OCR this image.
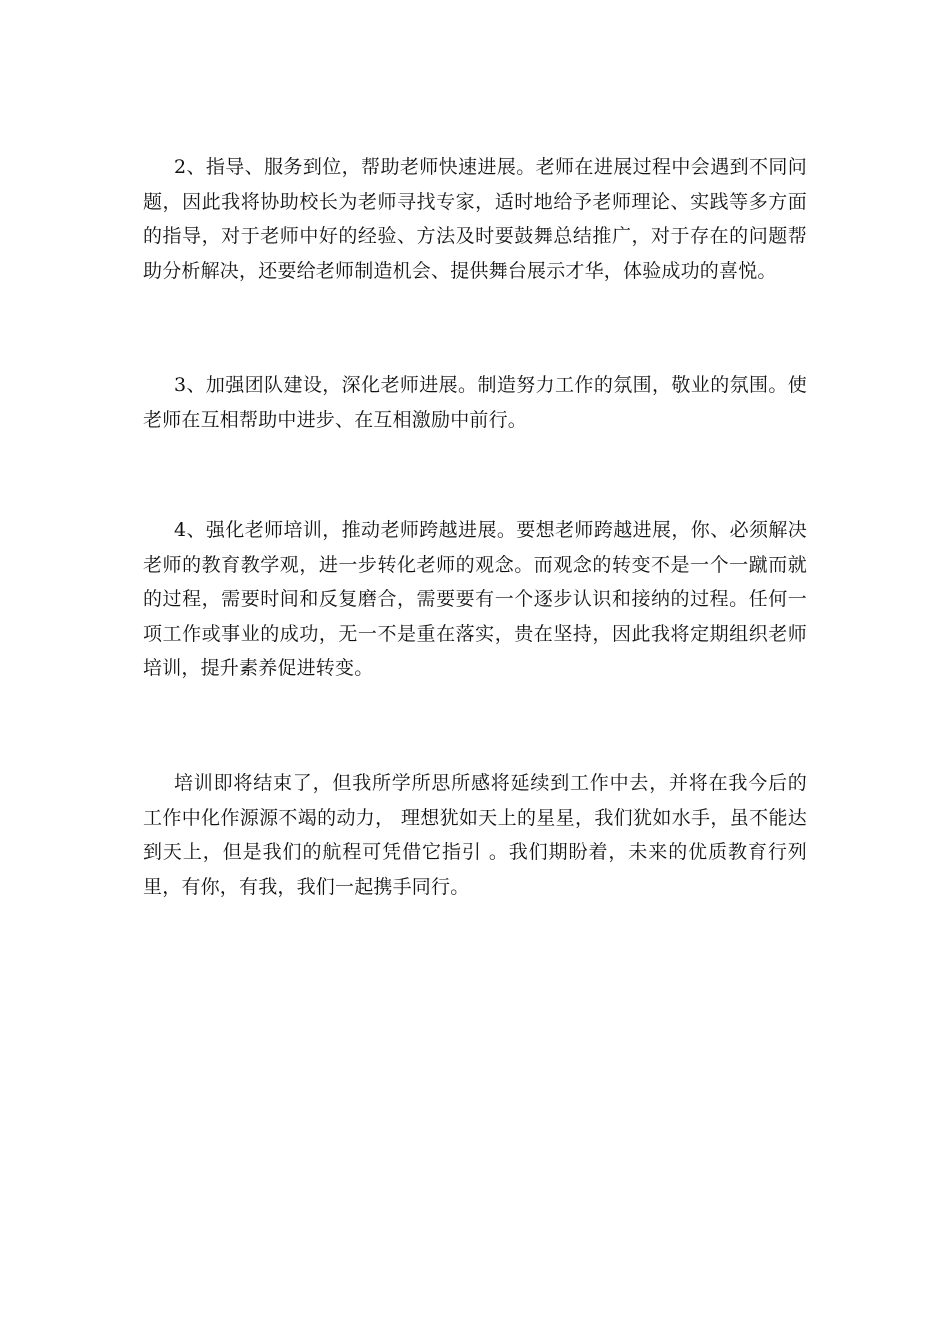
2、指导、服务到位，帮助老师快速进展。老师在进展过程中会遇到不同问题，因此我将协助校长为老师寻找专家，适时地给予老师理论、实践等多方面的指导，对于老师中好的经验、方法及时要鼓舞总结推广，对于存在的问题帮助分析解决，还要给老师制造机会、提供舞台展示才华，体验成功的喜悦。

3、加强团队建设，深化老师进展。制造努力工作的氛围，敬业的氛围。使老师在互相帮助中进步、在互相激励中前行。

4、强化老师培训，推动老师跨越进展。要想老师跨越进展，你、必须解决老师的教育教学观，进一步转化老师的观念。而观念的转变不是一个一蹴而就的过程，需要时间和反复磨合，需要要有一个逐步认识和接纳的过程。任何一项工作或事业的成功，无一不是重在落实，贵在坚持，因此我将定期组织老师培训，提升素养促进转变。

培训即将结束了，但我所学所思所感将延续到工作中去，并将在我今后的工作中化作源源不竭的动力， 理想犹如天上的星星，我们犹如水手，虽不能达到天上，但是我们的航程可凭借它指引 。我们期盼着，未来的优质教育行列里，有你，有我，我们一起携手同行。
